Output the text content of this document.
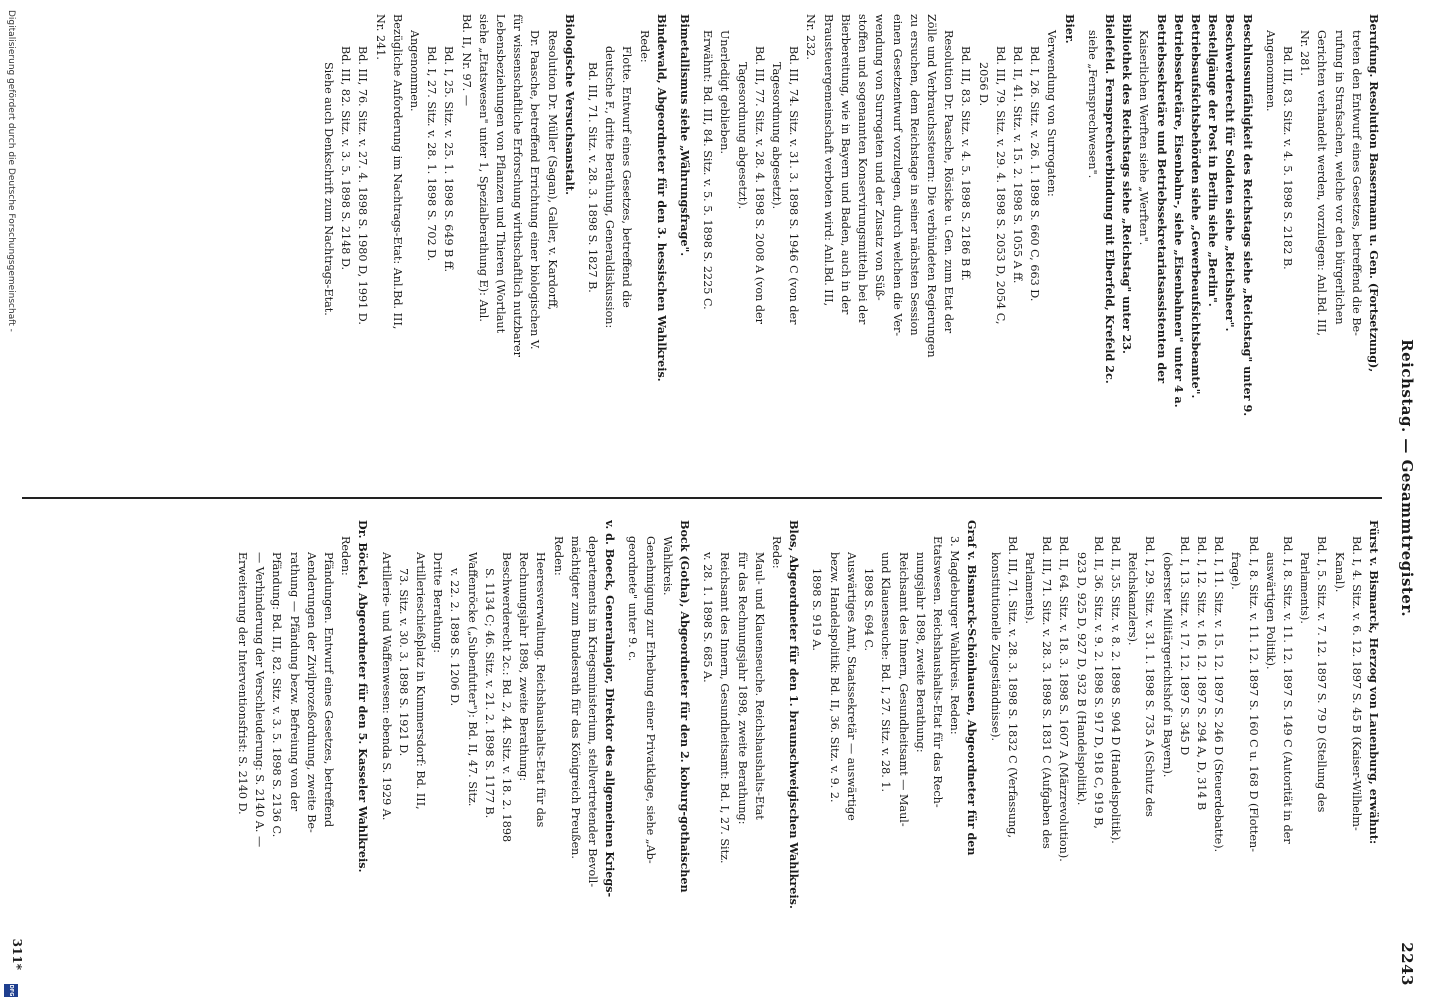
Reichstag. — Gesammtregister.
2243
Berufung. Resolution Bassermann u. Gen. (Fortsetzung),
treten den Entwurf eines Gesetzes, betreffend die Be-
rufung in Strafsachen, welche vor den bürgerlichen
Gerichten verhandelt werden, vorzulegen: Anl.Bd. III,
Nr. 281.
Bd. III, 83. Sitz. v. 4. 5. 1898 S. 2182 B.
Angenommen.
Beschlussunfähigkeit des Reichstags siehe „Reichstag" unter 9.
Beschwerderecht für Soldaten siehe „Reichsheer".
Bestellgänge der Post in Berlin siehe „Berlin".
Betriebsaufsichtsbehörden siehe „Gewerbeaufsichtsbeamte".
Betriebssekretäre, Eisenbahn-, siehe „Eisenbahnen" unter 4 a.
Betriebssekretäre und Betriebssekretariatsassistenten der
Kaiserlichen Werften siehe „Werften".
Bibliothek des Reichstags siehe „Reichstag" unter 23.
Bielefeld. Fernsprechverbindung mit Elberfeld, Krefeld 2c.
siehe „Fernsprechwesen".
Bier.
Verwendung von Surrogaten:
Bd. I, 26. Sitz. v. 26. 1. 1898 S. 660 C, 663 D.
Bd. II, 41. Sitz. v. 15. 2. 1898 S. 1055 A ff.
Bd. III, 79. Sitz. v. 29. 4. 1898 S. 2053 D, 2054 C,
2056 D.
Bd. III, 83. Sitz. v. 4. 5. 1898 S. 2186 B ff.
Resolution Dr. Paasche, Rösicke u. Gen. zum Etat der
Zölle und Verbrauchssteuern: Die verbündeten Regierungen
zu ersuchen, dem Reichstage in seiner nächsten Session
einen Gesetzentwurf vorzulegen, durch welchen die Ver-
wendung von Surrogaten und der Zusatz von Süß-
stoffen und sogenannten Konservirungsmitteln bei der
Bierbereitung, wie in Bayern und Baden, auch in der
Brausteuergemeinschaft verboten wird: Anl.Bd. III,
Nr. 232.
Bd. III, 74. Sitz. v. 31. 3. 1898 S. 1946 C (von der
Tagesordnung abgesetzt).
Bd. III, 77. Sitz. v. 28. 4. 1898 S. 2008 A (von der
Tagesordnung abgesetzt).
Unerledigt geblieben.
Erwähnt: Bd. III, 84. Sitz. v. 5. 5. 1898 S. 2225 C.
Bimetallismus siehe „Währungsfrage".
Bindewald, Abgeordneter für den 3. hessischen Wahlkreis.
Rede:
Flotte. Entwurf eines Gesetzes, betreffend die
deutsche F., dritte Berathung, Generaldiskussion:
Bd. III, 71. Sitz. v. 28. 3. 1898 S. 1827 B.
Biologische Versuchsanstalt.
Resolution Dr. Müller (Sagan), Galler, v. Kardorff,
Dr. Paasche, betreffend Errichtung einer biologischen V.
für wissenschaftliche Erforschung wirthschaftlich nutzbarer
Lebensbeziehungen von Pflanzen und Thieren (Wortlaut
siehe „Etatswesen" unter 1, Spezialberathung E): Anl.
Bd. II, Nr. 97. —
Bd. I, 25. Sitz. v. 25. 1. 1898 S. 649 B ff.
Bd. I, 27. Sitz. v. 28. 1. 1898 S. 702 D.
Angenommen.
Bezügliche Anforderung im Nachtrags-Etat: Anl.Bd. III,
Nr. 241.
Bd. III, 76. Sitz. v. 27. 4. 1898 S. 1980 D, 1991 D.
Bd. III, 82. Sitz. v. 3. 5. 1898 S. 2148 D.
Siehe auch Denkschrift zum Nachtrags-Etat.
Fürst v. Bismarck, Herzog von Lauenburg, erwähnt:
Bd. I, 4. Sitz. v. 6. 12. 1897 S. 45 B (Kaiser-Wilhelm-
Kanal).
Bd. I, 5. Sitz. v. 7. 12. 1897 S. 79 D (Stellung des
Parlaments).
Bd. I, 8. Sitz. v. 11. 12. 1897 S. 149 C (Autorität in der
auswärtigen Politik).
Bd. I, 8. Sitz. v. 11. 12. 1897 S. 160 C u. 168 D (Flotten-
frage).
Bd. I, 11. Sitz. v. 15. 12. 1897 S. 246 D (Steuerdebatte).
Bd. I, 12. Sitz. v. 16. 12. 1897 S. 294 A, D, 314 B
Bd. I, 13. Sitz. v. 17. 12. 1897 S. 345 D
(oberster Militärgerichtshof in Bayern).
Bd. I, 29. Sitz. v. 31. 1. 1898 S. 735 A (Schutz des
Reichskanzlers).
Bd. II, 35. Sitz. v. 8. 2. 1898 S. 904 D (Handelspolitik).
Bd. II, 36. Sitz. v. 9. 2. 1898 S. 917 D, 918 C, 919 B,
923 D, 925 D, 927 D, 932 B (Handelspolitik).
Bd. II, 64. Sitz. v. 18. 3. 1898 S. 1607 A (Märzrevolution).
Bd. III, 71. Sitz. v. 28. 3. 1898 S. 1831 C (Aufgaben des
Parlaments).
Bd. III, 71. Sitz. v. 28. 3. 1898 S. 1832 C (Verfassung,
konstitutionelle Zugeständnisse).
Graf v. Bismarck-Schönhausen, Abgeordneter für den
3. Magdeburger Wahlkreis. Reden:
Etatswesen. Reichshaushalts-Etat für das Rech-
nungsjahr 1898, zweite Berathung:
Reichsamt des Innern, Gesundheitsamt — Maul-
und Klauenseuche: Bd. I, 27. Sitz. v. 28. 1.
1898 S. 694 C.
Auswärtiges Amt, Staatssekretär — auswärtige
bezw. Handelspolitik: Bd. II, 36. Sitz. v. 9. 2.
1898 S. 919 A.
Blos, Abgeordneter für den 1. braunschweigischen Wahlkreis.
Rede:
Maul- und Klauenseuche. Reichshaushalts-Etat
für das Rechnungsjahr 1898, zweite Berathung:
Reichsamt des Innern, Gesundheitsamt: Bd. I, 27. Sitz.
v. 28. 1. 1898 S. 685 A.
Bock (Gotha), Abgeordneter für den 2. koburg-gothaischen
Wahlkreis.
Genehmigung zur Erhebung einer Privatklage, siehe „Ab-
geordnete" unter 9. c.
v. d. Boeck, Generalmajor, Direktor des allgemeinen Kriegs-
departements im Kriegsministerium, stellvertretender Bevoll-
mächtigter zum Bundesrath für das Königreich Preußen.
Reden:
Heeresverwaltung. Reichshaushalts-Etat für das
Rechnungsjahr 1898, zweite Berathung:
Beschwerderecht 2c.: Bd. 2, 44. Sitz. v. 18. 2. 1898
S. 1134 C; 46. Sitz. v. 21. 2. 1898 S. 1177 B.
Waffenröcke („Subenfutter"): Bd. II, 47. Sitz.
v. 22. 2. 1898 S. 1206 D.
Dritte Berathung:
Artillerieschießplatz in Kummersdorf: Bd. III,
73. Sitz. v. 30. 3. 1898 S. 1921 D.
Artillerie- und Waffenwesen: ebenda S. 1929 A.
Dr. Böckel, Abgeordneter für den 5. Kasseler Wahlkreis.
Reden:
Pfändungen. Entwurf eines Gesetzes, betreffend
Aenderungen der Zivilprozeßordnung, zweite Be-
rathung — Pfändung bezw. Befreiung von der
Pfändung: Bd. III, 82. Sitz. v. 3. 5. 1898 S. 2136 C.
— Verhinderung der Verschleuderung: S. 2140 A. —
Erweiterung der Interventionsfrist: S. 2140 D.
311*
Digitalisierung gefördert durch die Deutsche Forschungsgemeinschaft -
DFG
